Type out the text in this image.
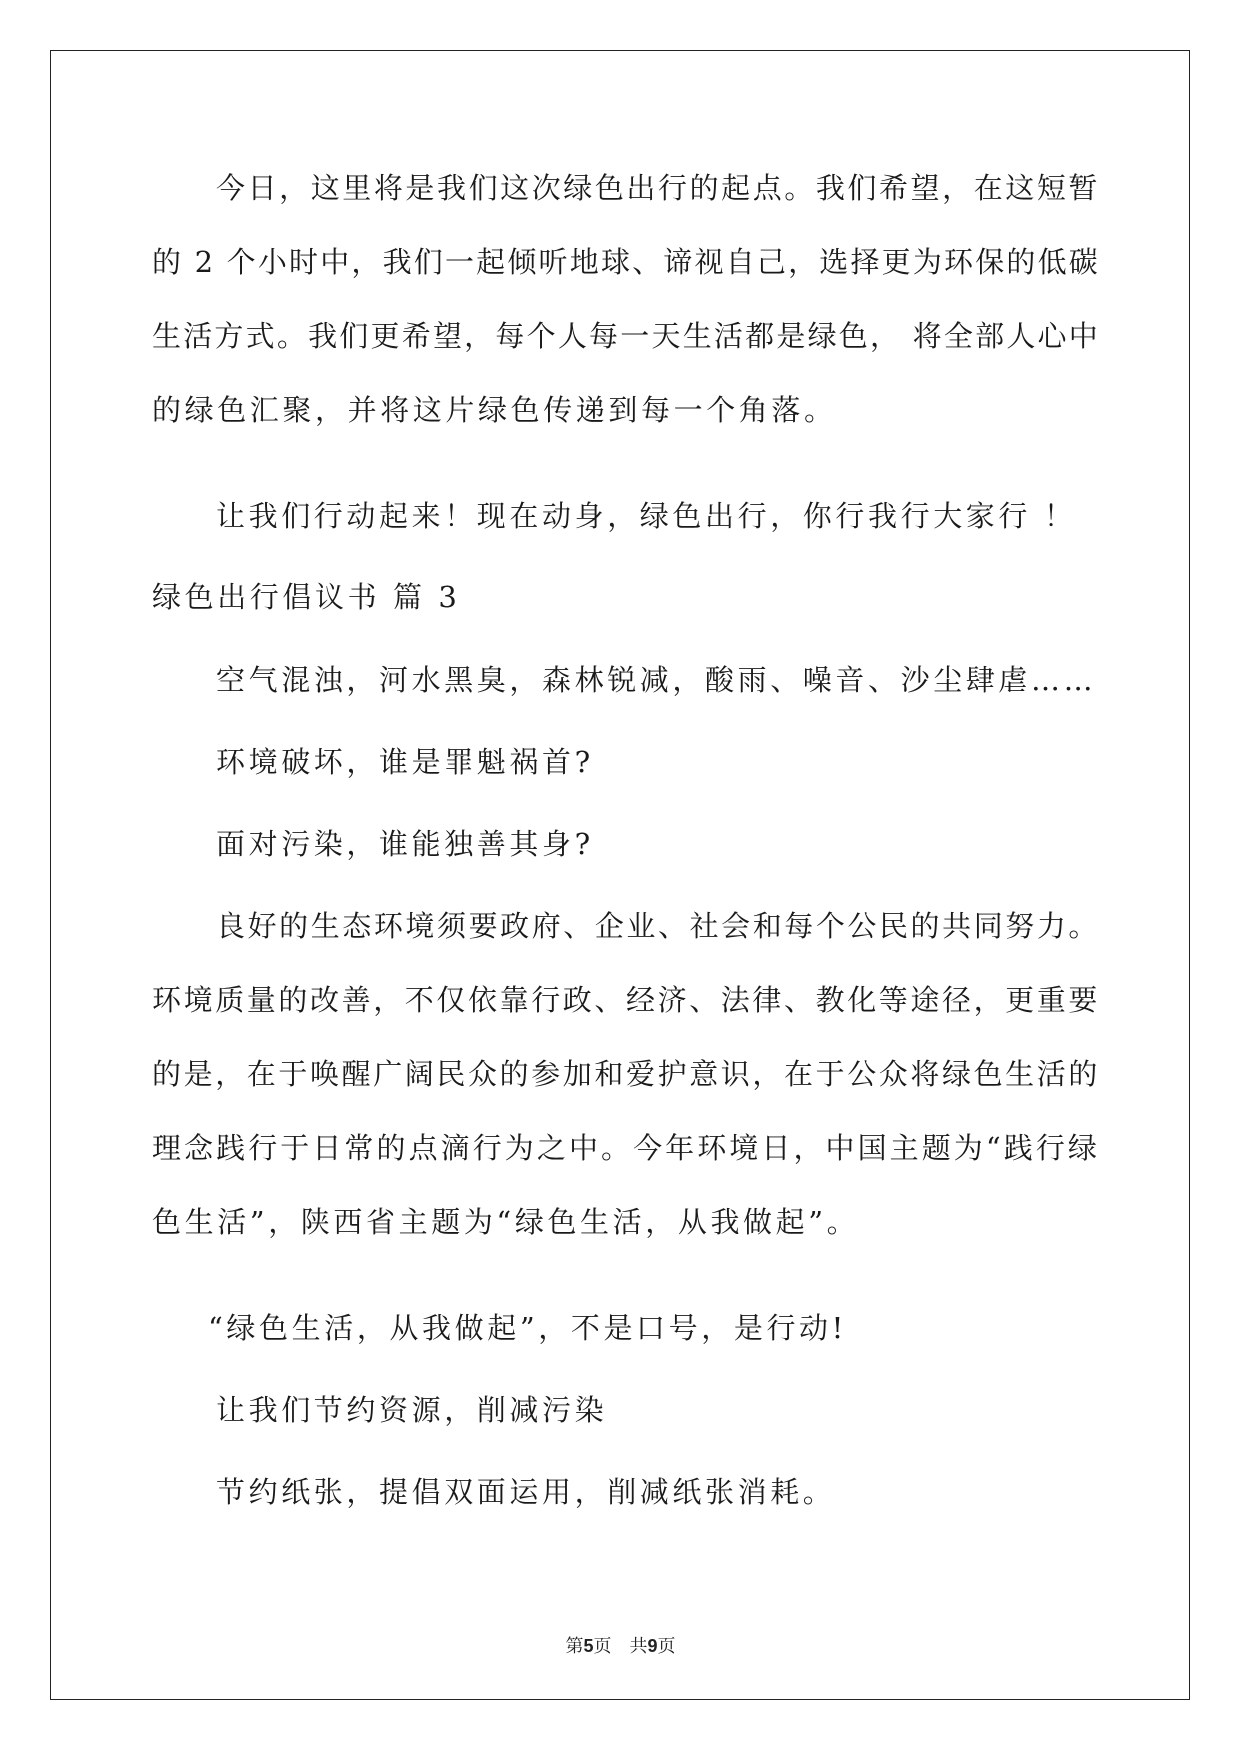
今日，这里将是我们这次绿色出行的起点。我们希望，在这短暂
的 2 个小时中，我们一起倾听地球、谛视自己，选择更为环保的低碳
生活方式。我们更希望，每个人每一天生活都是绿色， 将全部人心中
的绿色汇聚，并将这片绿色传递到每一个角落。
让我们行动起来！现在动身，绿色出行，你行我行大家行 ！
绿色出行倡议书 篇 3
空气混浊，河水黑臭，森林锐减，酸雨、噪音、沙尘肆虐……
环境破坏，谁是罪魁祸首?
面对污染，谁能独善其身?
良好的生态环境须要政府、企业、社会和每个公民的共同努力。
环境质量的改善，不仅依靠行政、经济、法律、教化等途径，更重要
的是，在于唤醒广阔民众的参加和爱护意识，在于公众将绿色生活的
理念践行于日常的点滴行为之中。今年环境日，中国主题为“践行绿
色生活”，陕西省主题为“绿色生活，从我做起”。
“绿色生活，从我做起”，不是口号，是行动!
让我们节约资源，削减污染
节约纸张，提倡双面运用，削减纸张消耗。
第5页　共9页
